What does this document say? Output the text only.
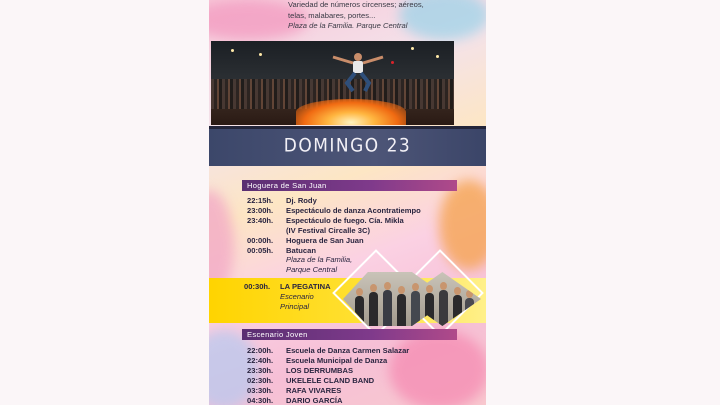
Variedad de números circenses; aéreos,
telas, malabares, portes...
Plaza de la Familia. Parque Central
DOMINGO 23
Hoguera de San Juan
22:15h.	Dj. Rody
23:00h.	Espectáculo de danza Acontratiempo
23:40h.	Espectáculo de fuego. Cía. Mikla
(IV Festival Circalle 3C)
00:00h.	Hoguera de San Juan
00:05h.	Batucan
Plaza de la Familia,
Parque Central
00:30h.	LA PEGATINA
Escenario
Principal
Escenario Joven
22:00h.	Escuela de Danza Carmen Salazar
22:40h.	Escuela Municipal de Danza
23:30h.	LOS DERRUMBAS
02:30h.	UKELELE CLAND BAND
03:30h.	RAFA VIVARES
04:30h.	DARIO GARCÍA
